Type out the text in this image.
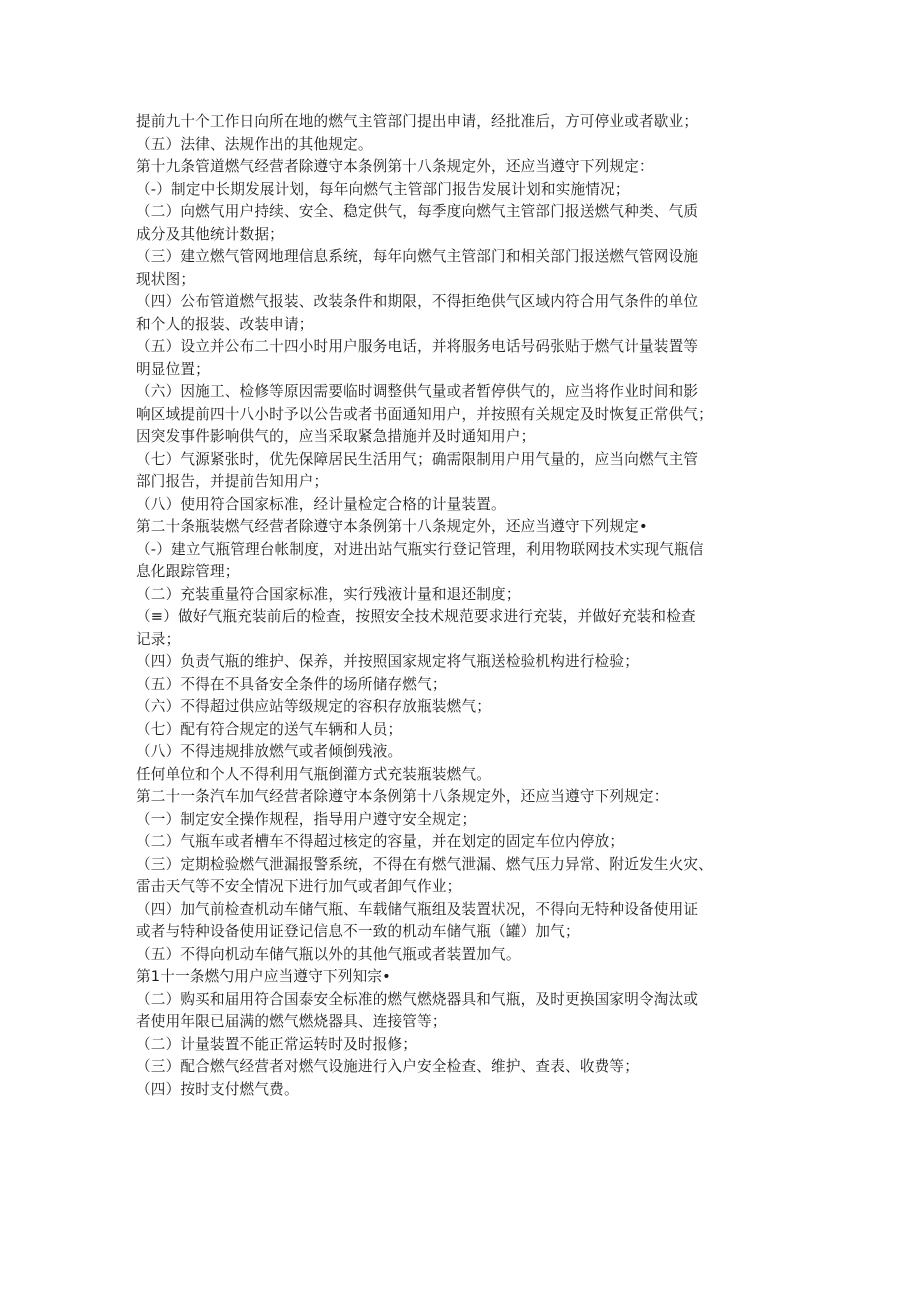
提前九十个工作日向所在地的燃气主管部门提出申请，经批准后，方可停业或者歇业；
（五）法律、法规作出的其他规定。
第十九条管道燃气经营者除遵守本条例第十八条规定外，还应当遵守下列规定：
（-）制定中长期发展计划，每年向燃气主管部门报告发展计划和实施情况；
（二）向燃气用户持续、安全、稳定供气，每季度向燃气主管部门报送燃气种类、气质
成分及其他统计数据；
（三）建立燃气管网地理信息系统，每年向燃气主管部门和相关部门报送燃气管网设施
现状图；
（四）公布管道燃气报装、改装条件和期限，不得拒绝供气区域内符合用气条件的单位
和个人的报装、改装申请；
（五）设立并公布二十四小时用户服务电话，并将服务电话号码张贴于燃气计量装置等
明显位置；
（六）因施工、检修等原因需要临时调整供气量或者暂停供气的，应当将作业时间和影
响区域提前四十八小时予以公告或者书面通知用户，并按照有关规定及时恢复正常供气；
因突发事件影响供气的，应当采取紧急措施并及时通知用户；
（七）气源紧张时，优先保障居民生活用气；确需限制用户用气量的，应当向燃气主管
部门报告，并提前告知用户；
（八）使用符合国家标准，经计量检定合格的计量装置。
第二十条瓶装燃气经营者除遵守本条例第十八条规定外，还应当遵守下列规定•
（-）建立气瓶管理台帐制度，对进出站气瓶实行登记管理，利用物联网技术实现气瓶信
息化跟踪管理；
（二）充装重量符合国家标准，实行残液计量和退还制度；
（≡）做好气瓶充装前后的检查，按照安全技术规范要求进行充装，并做好充装和检查
记录；
（四）负责气瓶的维护、保养，并按照国家规定将气瓶送检验机构进行检验；
（五）不得在不具备安全条件的场所储存燃气；
（六）不得超过供应站等级规定的容积存放瓶装燃气；
（七）配有符合规定的送气车辆和人员；
（八）不得违规排放燃气或者倾倒残液。
任何单位和个人不得利用气瓶倒灌方式充装瓶装燃气。
第二十一条汽车加气经营者除遵守本条例第十八条规定外，还应当遵守下列规定：
（一）制定安全操作规程，指导用户遵守安全规定；
（二）气瓶车或者槽车不得超过核定的容量，并在划定的固定车位内停放；
（三）定期检验燃气泄漏报警系统，不得在有燃气泄漏、燃气压力异常、附近发生火灾、
雷击天气等不安全情况下进行加气或者卸气作业；
（四）加气前检查机动车储气瓶、车载储气瓶组及装置状况，不得向无特种设备使用证
或者与特种设备使用证登记信息不一致的机动车储气瓶（罐）加气；
（五）不得向机动车储气瓶以外的其他气瓶或者装置加气。
第1十一条燃勺用户应当遵守下列知宗•
（二）购买和届用符合国泰安全标准的燃气燃烧器具和气瓶，及时更换国家明令淘汰或
者使用年限已届满的燃气燃烧器具、连接管等；
（二）计量装置不能正常运转时及时报修；
（三）配合燃气经营者对燃气设施进行入户安全检查、维护、查表、收费等；
（四）按时支付燃气费。
